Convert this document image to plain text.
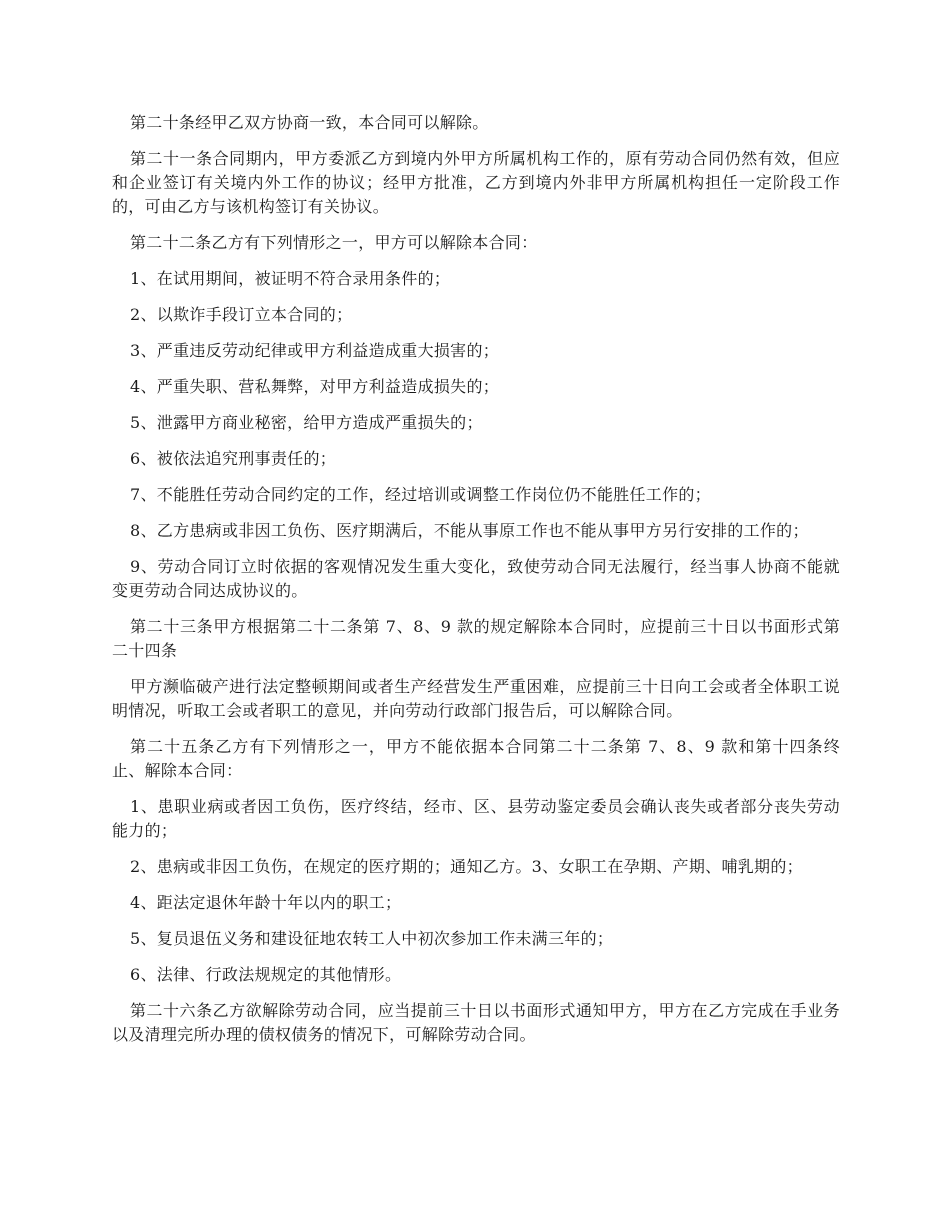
第二十条经甲乙双方协商一致，本合同可以解除。

第二十一条合同期内，甲方委派乙方到境内外甲方所属机构工作的，原有劳动合同仍然有效，但应和企业签订有关境内外工作的协议；经甲方批准，乙方到境内外非甲方所属机构担任一定阶段工作的，可由乙方与该机构签订有关协议。

第二十二条乙方有下列情形之一，甲方可以解除本合同：

1、在试用期间，被证明不符合录用条件的；

2、以欺诈手段订立本合同的；

3、严重违反劳动纪律或甲方利益造成重大损害的；

4、严重失职、营私舞弊，对甲方利益造成损失的；

5、泄露甲方商业秘密，给甲方造成严重损失的；

6、被依法追究刑事责任的；

7、不能胜任劳动合同约定的工作，经过培训或调整工作岗位仍不能胜任工作的；

8、乙方患病或非因工负伤、医疗期满后，不能从事原工作也不能从事甲方另行安排的工作的；

9、劳动合同订立时依据的客观情况发生重大变化，致使劳动合同无法履行，经当事人协商不能就变更劳动合同达成协议的。

第二十三条甲方根据第二十二条第 7、8、9 款的规定解除本合同时，应提前三十日以书面形式第二十四条

甲方濒临破产进行法定整顿期间或者生产经营发生严重困难，应提前三十日向工会或者全体职工说明情况，听取工会或者职工的意见，并向劳动行政部门报告后，可以解除合同。

第二十五条乙方有下列情形之一，甲方不能依据本合同第二十二条第 7、8、9 款和第十四条终止、解除本合同：

1、患职业病或者因工负伤，医疗终结，经市、区、县劳动鉴定委员会确认丧失或者部分丧失劳动能力的；

2、患病或非因工负伤，在规定的医疗期的；通知乙方。3、女职工在孕期、产期、哺乳期的；

4、距法定退休年龄十年以内的职工；

5、复员退伍义务和建设征地农转工人中初次参加工作未满三年的；

6、法律、行政法规规定的其他情形。

第二十六条乙方欲解除劳动合同，应当提前三十日以书面形式通知甲方，甲方在乙方完成在手业务以及清理完所办理的债权债务的情况下，可解除劳动合同。
